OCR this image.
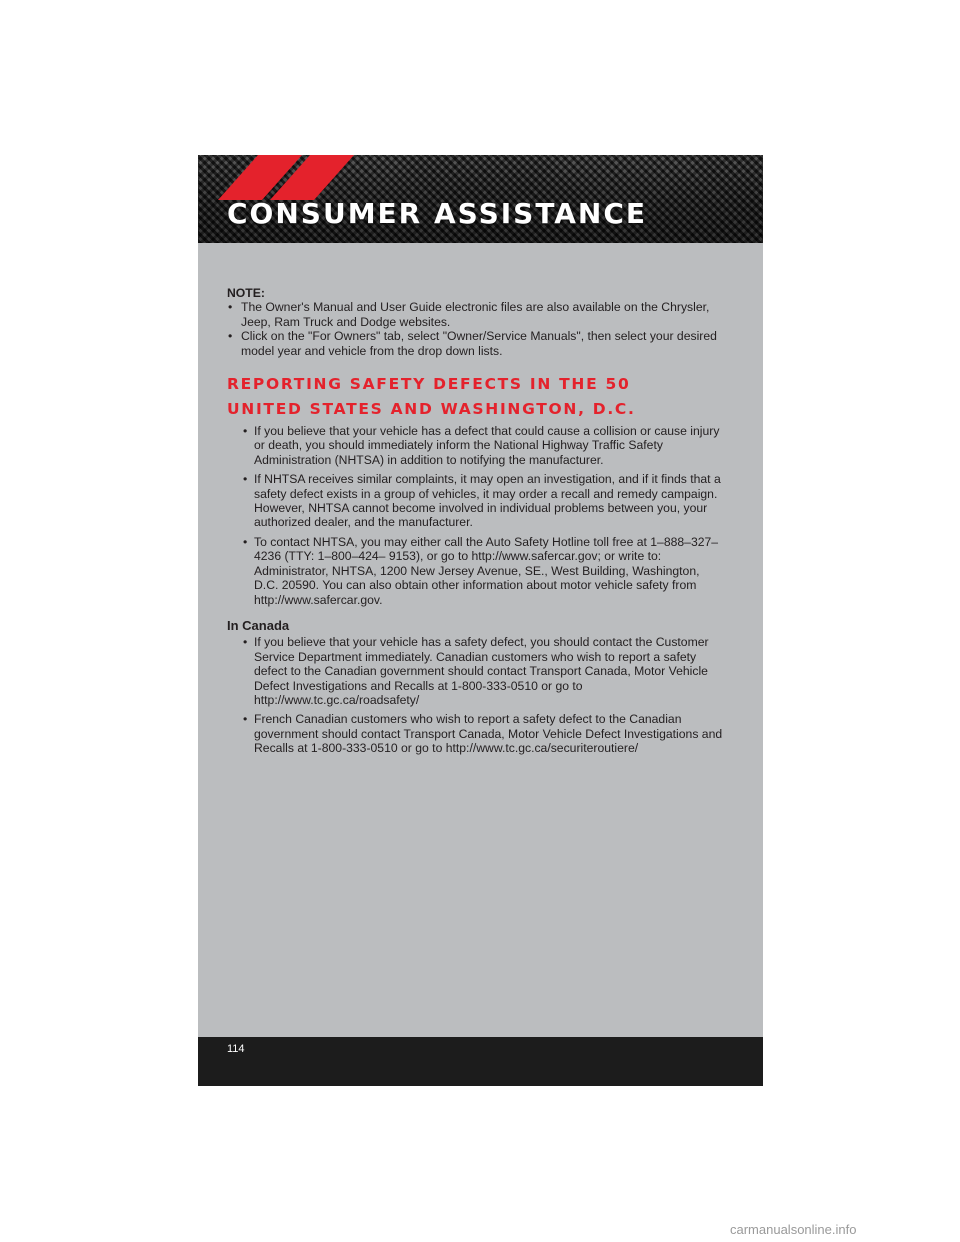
CONSUMER ASSISTANCE
NOTE:
• The Owner's Manual and User Guide electronic files are also available on the Chrysler, Jeep, Ram Truck and Dodge websites.
• Click on the "For Owners" tab, select "Owner/Service Manuals", then select your desired model year and vehicle from the drop down lists.
REPORTING SAFETY DEFECTS IN THE 50
UNITED STATES AND WASHINGTON, D.C.
• If you believe that your vehicle has a defect that could cause a collision or cause injury or death, you should immediately inform the National Highway Traffic Safety Administration (NHTSA) in addition to notifying the manufacturer.
• If NHTSA receives similar complaints, it may open an investigation, and if it finds that a safety defect exists in a group of vehicles, it may order a recall and remedy campaign. However, NHTSA cannot become involved in individual problems between you, your authorized dealer, and the manufacturer.
• To contact NHTSA, you may either call the Auto Safety Hotline toll free at 1–888–327–4236 (TTY: 1–800–424– 9153), or go to http://www.safercar.gov; or write to: Administrator, NHTSA, 1200 New Jersey Avenue, SE., West Building, Washington, D.C. 20590. You can also obtain other information about motor vehicle safety from http://www.safercar.gov.
In Canada
• If you believe that your vehicle has a safety defect, you should contact the Customer Service Department immediately. Canadian customers who wish to report a safety defect to the Canadian government should contact Transport Canada, Motor Vehicle Defect Investigations and Recalls at 1-800-333-0510 or go to http://www.tc.gc.ca/roadsafety/
• French Canadian customers who wish to report a safety defect to the Canadian government should contact Transport Canada, Motor Vehicle Defect Investigations and Recalls at 1-800-333-0510 or go to http://www.tc.gc.ca/securiteroutiere/

114

carmanualsonline.info
